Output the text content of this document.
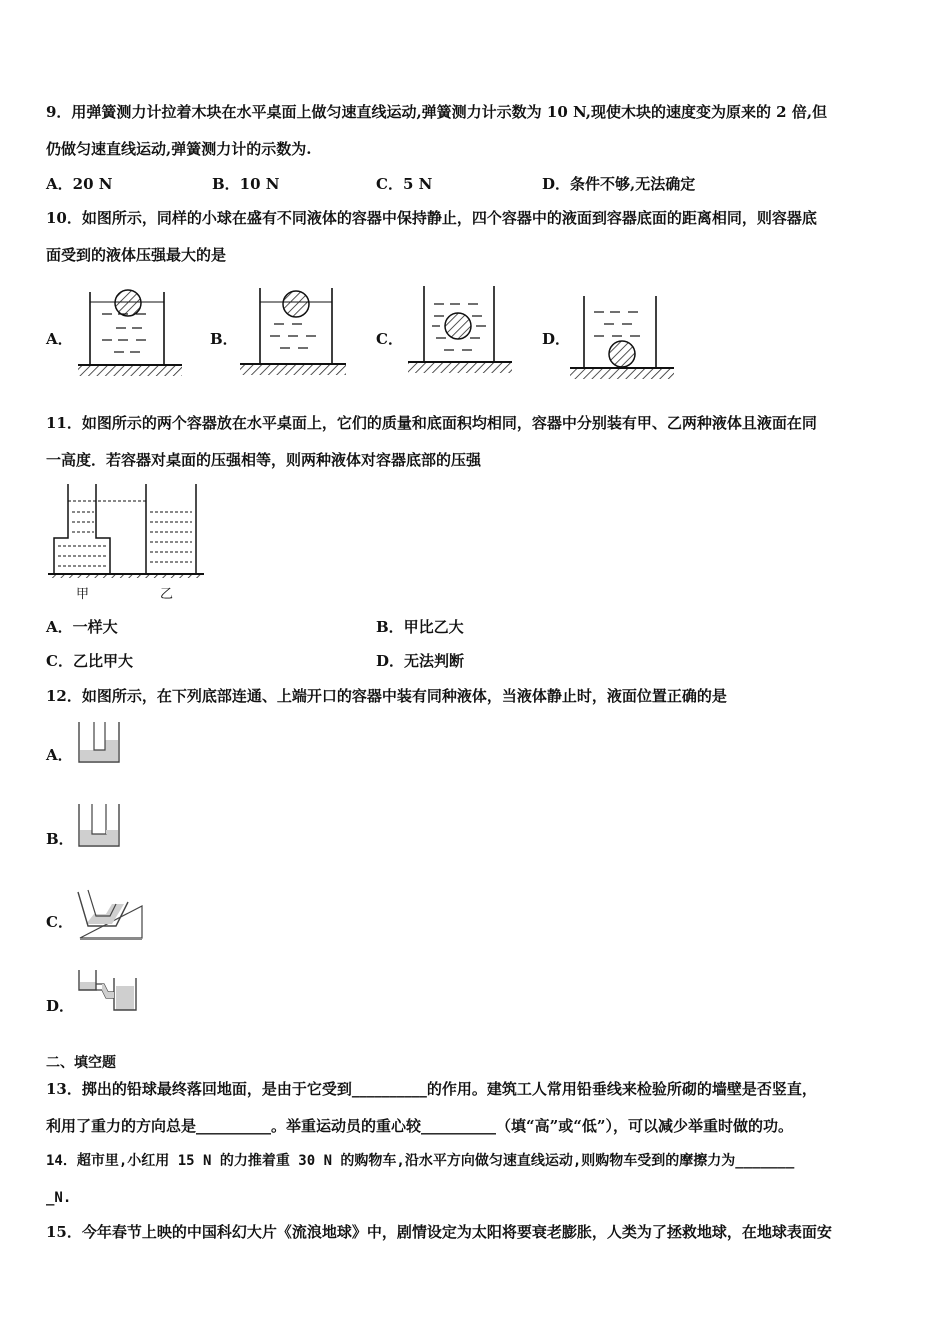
9．用弹簧测力计拉着木块在水平桌面上做匀速直线运动,弹簧测力计示数为 10 N,现使木块的速度变为原来的 2 倍,但
仍做匀速直线运动,弹簧测力计的示数为.
A．20 N	B．10 N	C．5 N	D．条件不够,无法确定
10．如图所示，同样的小球在盛有不同液体的容器中保持静止，四个容器中的液面到容器底面的距离相同，则容器底
面受到的液体压强最大的是
A．	B．	C．	D．
11．如图所示的两个容器放在水平桌面上，它们的质量和底面积均相同，容器中分别装有甲、乙两种液体且液面在同
一高度．若容器对桌面的压强相等，则两种液体对容器底部的压强
甲	乙
A．一样大	B．甲比乙大
C．乙比甲大	D．无法判断
12．如图所示，在下列底部连通、上端开口的容器中装有同种液体，当液体静止时，液面位置正确的是
A．
B．
C．
D．
二、填空题
13．掷出的铅球最终落回地面，是由于它受到__________的作用。建筑工人常用铅垂线来检验所砌的墙壁是否竖直，
利用了重力的方向总是__________。举重运动员的重心较__________（填“高”或“低”），可以减少举重时做的功。
14．超市里,小红用 15 N 的力推着重 30 N 的购物车,沿水平方向做匀速直线运动,则购物车受到的摩擦力为_______
_N.
15．今年春节上映的中国科幻大片《流浪地球》中，剧情设定为太阳将要衰老膨胀，人类为了拯救地球，在地球表面安
